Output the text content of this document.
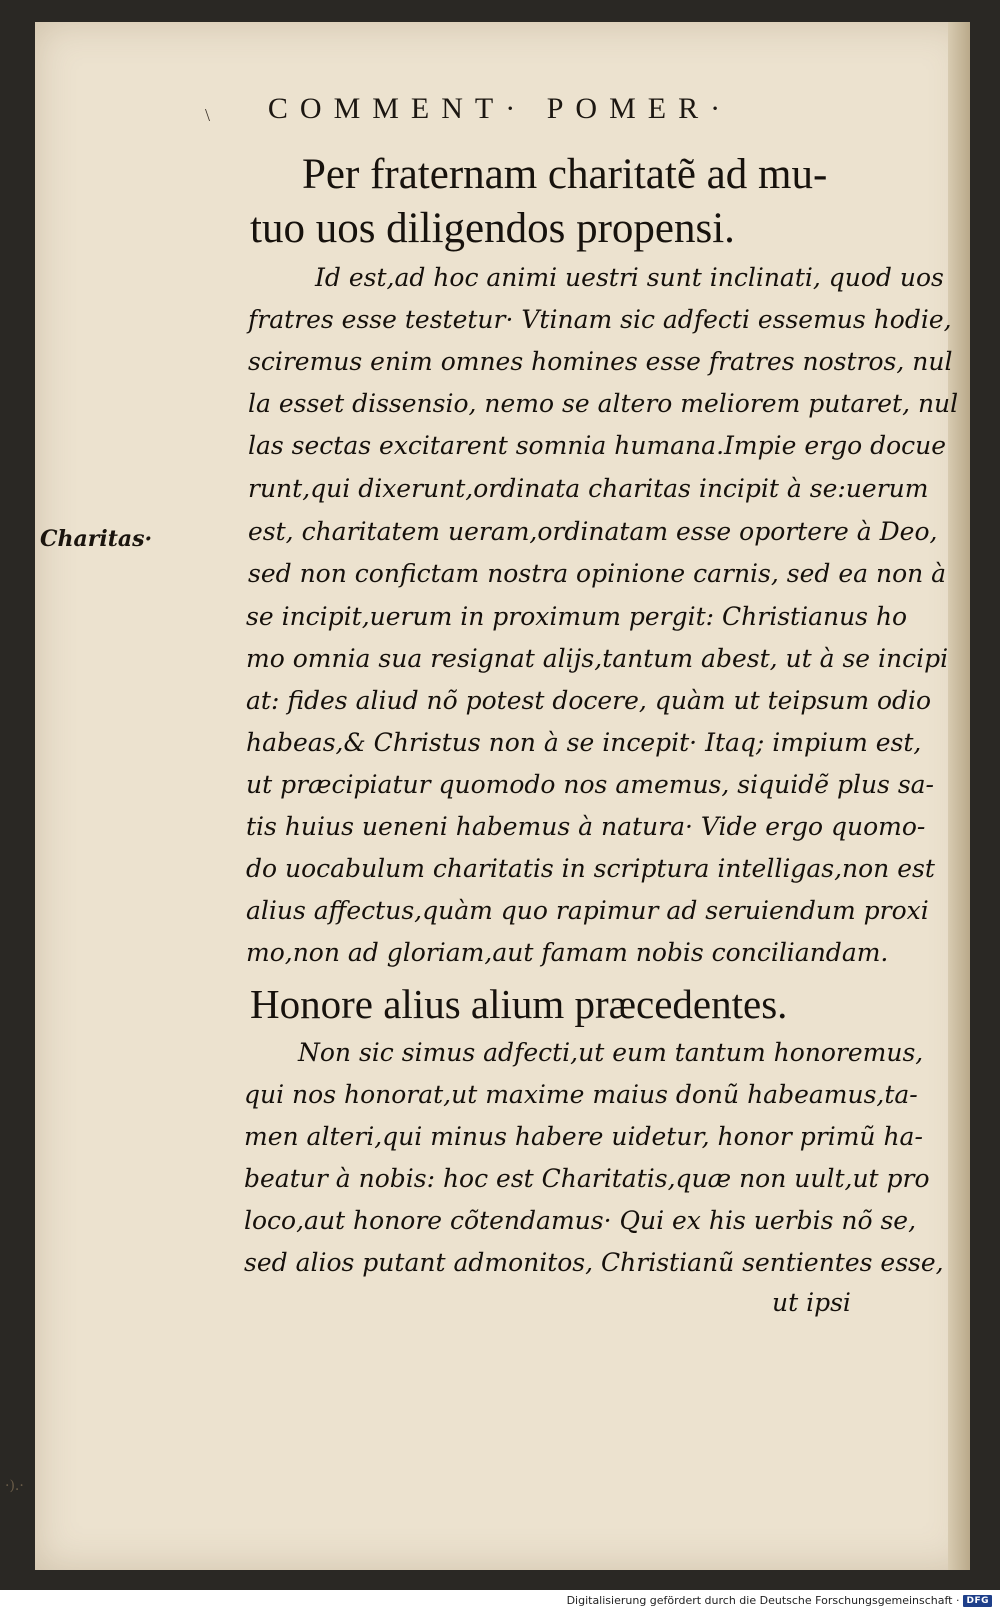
\	COMMENT· POMER·
Per fraternam charitatẽ ad mu-
tuo uos diligendos propensi.
Id est,ad hoc animi uestri sunt inclinati, quod uos
fratres esse testetur· Vtinam sic adfecti essemus hodie,
sciremus enim omnes homines esse fratres nostros, nul
la esset dissensio, nemo se altero meliorem putaret, nul
las sectas excitarent somnia humana.Impie ergo docue
runt,qui dixerunt,ordinata charitas incipit à se:uerum
Charitas·	est, charitatem ueram,ordinatam esse oportere à Deo,
sed non confictam nostra opinione carnis, sed ea non à
se incipit,uerum in proximum pergit: Christianus ho
mo omnia sua resignat alijs,tantum abest, ut à se incipi
at: fides aliud nõ potest docere, quàm ut teipsum odio
habeas,& Christus non à se incepit· Itaq; impium est,
ut præcipiatur quomodo nos amemus, siquidẽ plus sa-
tis huius ueneni habemus à natura· Vide ergo quomo-
do uocabulum charitatis in scriptura intelligas,non est
alius affectus,quàm quo rapimur ad seruiendum proxi
mo,non ad gloriam,aut famam nobis conciliandam.
Honore alius alium præcedentes.
Non sic simus adfecti,ut eum tantum honoremus,
qui nos honorat,ut maxime maius donũ habeamus,ta-
men alteri,qui minus habere uidetur, honor primũ ha-
beatur à nobis: hoc est Charitatis,quæ non uult,ut pro
loco,aut honore cõtendamus· Qui ex his uerbis nõ se,
sed alios putant admonitos, Christianũ sentientes esse,
ut ipsi
·).·
Digitalisierung gefördert durch die Deutsche Forschungsgemeinschaft · DFG
